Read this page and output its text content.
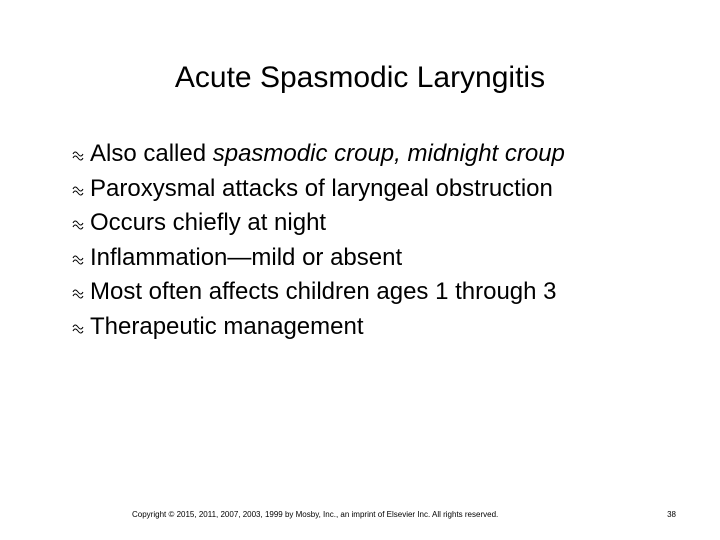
Acute Spasmodic Laryngitis
Also called spasmodic croup, midnight croup
Paroxysmal attacks of laryngeal obstruction
Occurs chiefly at night
Inflammation—mild or absent
Most often affects children ages 1 through 3
Therapeutic management
Copyright © 2015, 2011, 2007, 2003, 1999 by Mosby, Inc., an imprint of Elsevier Inc. All rights reserved.	38
